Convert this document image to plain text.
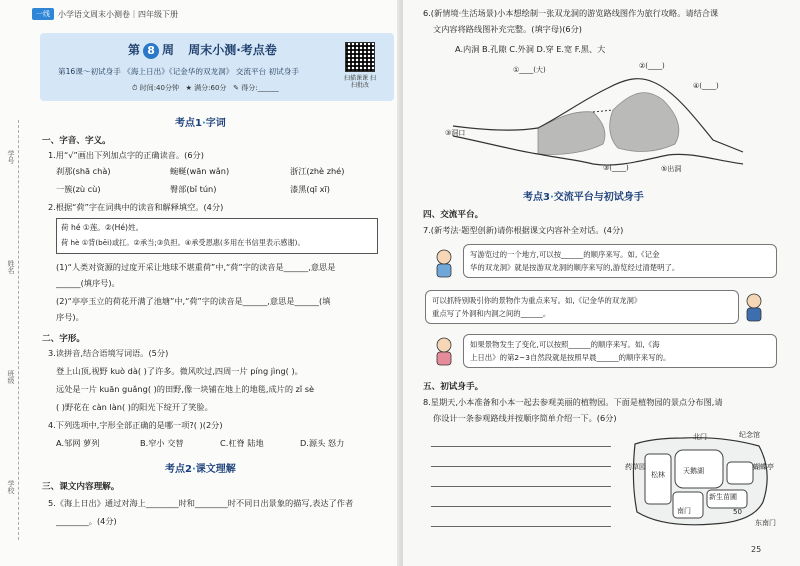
一线	小学语文周末小测卷｜四年级下册
第 8 周 周末小测·考点卷
第16课～初试身手 《海上日出》《记金华的双龙洞》 交流平台 初试身手
⏱ 时间:40分钟 ★ 满分:60分 ✎ 得分:______
扫描课课 扫扫批改
学号
姓名
班级
学校
考点1·字词
一、字音、字义。
1.用“√”画出下列加点字的正确读音。(6分)
刹那(shā chà)	蜿蜒(wān wǎn)	浙江(zhè zhé)
一簇(zù cù)	臀部(bǐ tún)	漆黑(qī xī)
2.根据“荷”字在词典中的读音和解释填空。(4分)
荷 hé ①莲。②(Hé)姓。
荷 hè ①背(bēi)或扛。②承当;③负担。④承受恩惠(多用在书信里表示感谢)。
(1)“人类对资源的过度开采让地球不堪重荷”中,“荷”字的读音是______,意思是
______(填序号)。
(2)“亭亭玉立的荷花开满了池塘”中,“荷”字的读音是______,意思是______(填
序号)。
二、字形。
3.读拼音,结合语境写词语。(5分)
登上山顶,视野 kuò dà( )了许多。微风吹过,四周一片 píng jìng( )。
远处是一片 kuān guǎng( )的田野,像一块铺在地上的地毯,成片的 zǐ sè
( )野花在 càn làn( )的阳光下绽开了笑脸。
4.下列选项中,字形全部正确的是哪一项?( )(2分)
A.邹网 萝列	B.窄小 交替	C.杠脊 陆地	D.源头 怒力
考点2·课文理解
三、课文内容理解。
5.《海上日出》通过对海上________时和________时不同日出景象的描写,表达了作者
________。(4分)
6.(新情境·生活场景)小本想绘制一张双龙洞的游览路线图作为旅行攻略。请结合课
文内容将路线图补充完整。(填字母)(6分)
A.内洞 B.孔隙 C.外洞 D.穿 E.宽 F.黑、大
①____(大)
④(____)
②(____)
③洞口
③(____)	⑤出洞
考点3·交流平台与初试身手
四、交流平台。
7.(新考法·题型创新)请你根据课文内容补全对话。(4分)
写游览过的一个地方,可以按______的顺序来写。如,《记金
华的双龙洞》就是按游双龙洞的顺序来写的,游览经过清楚明了。
可以抓特别吸引你的景物作为重点来写。如,《记金华的双龙洞》
重点写了外洞和内洞之间的______。
如果景物发生了变化,可以按照______的顺序来写。如,《海
上日出》的第2~3自然段就是按照早晨______的顺序来写的。
五、初试身手。
8.星期天,小本准备和小本一起去参观美丽的植物园。下面是植物园的景点分布图,请
你设计一条参观路线并按顺序简单介绍一下。(6分)
北门	纪念馆
松林
药草园	天鹅湖	蝴蝶亭
新生苗圃
南门	50
东南门
25
